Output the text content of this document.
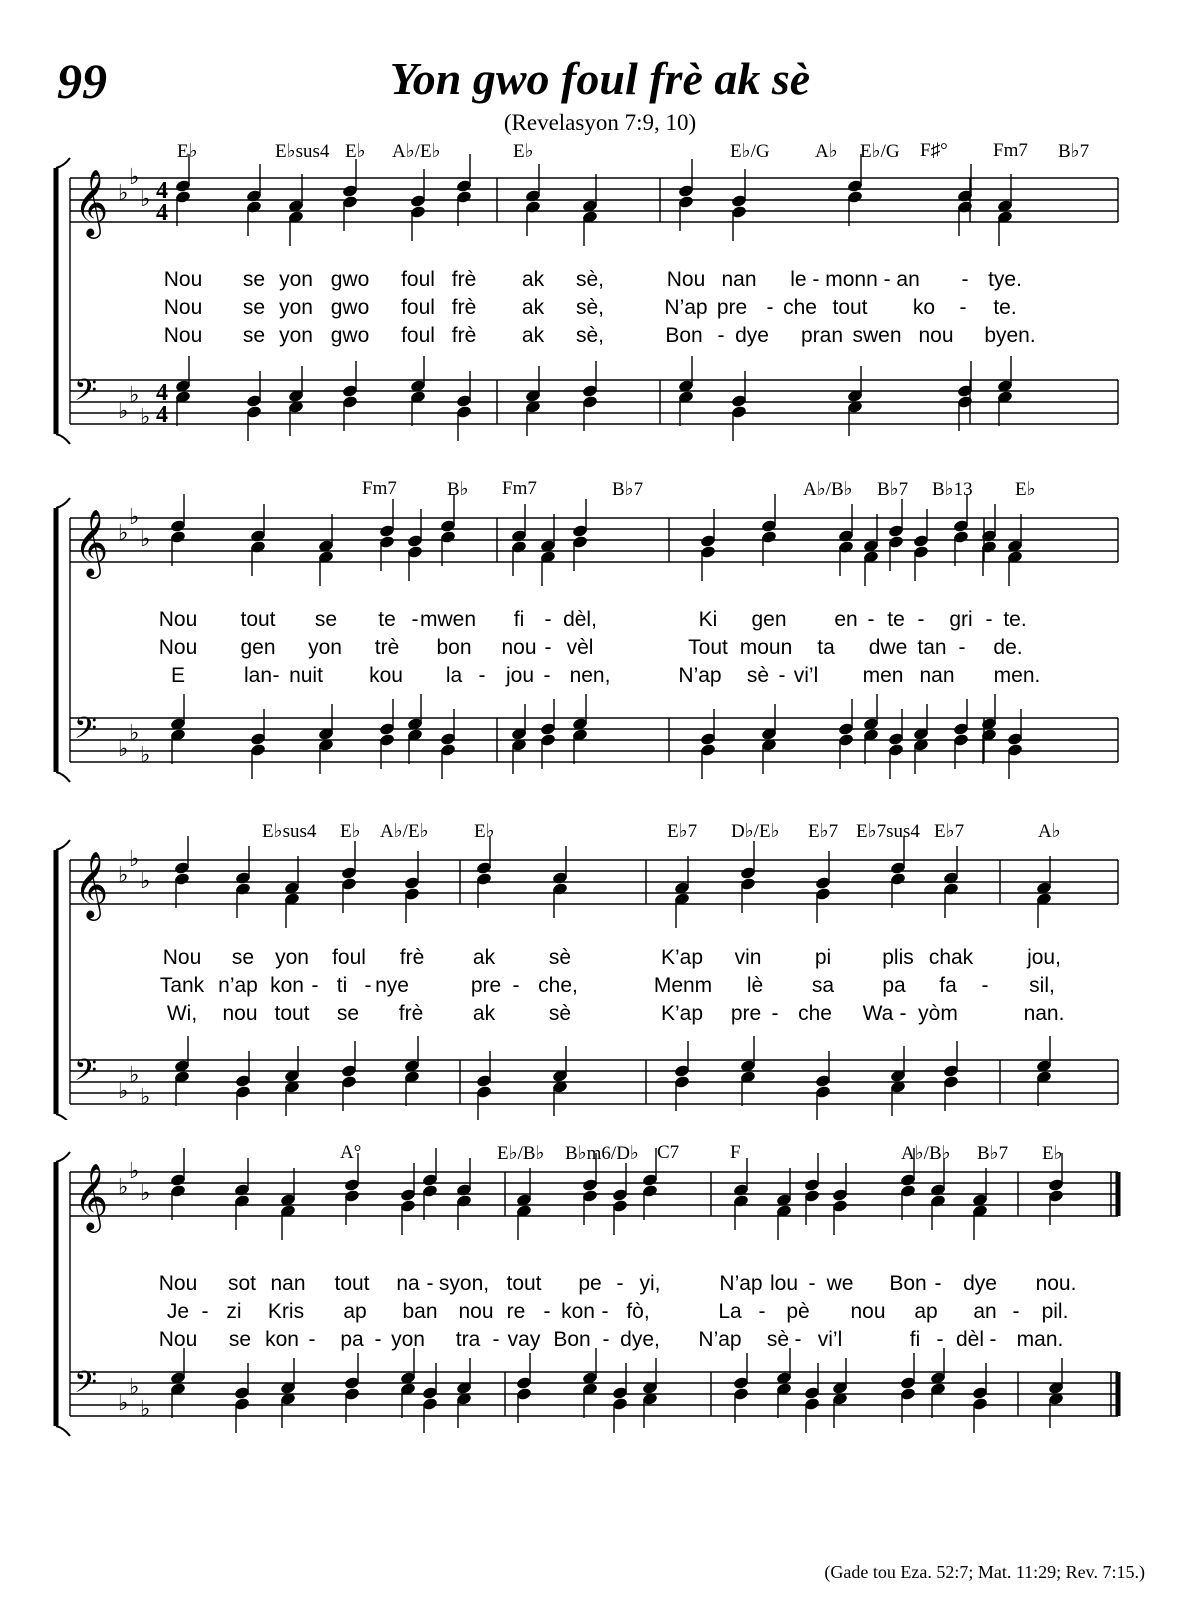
99	Yon gwo foul frè ak sè
(Revelasyon 7:9, 10)
𝄞 ♭
♭
♭ 4
4
𝄢 ♭
♭
♭
4
4
E♭	E♭sus4 E♭ A♭/E♭	E♭	E♭/G A♭ E♭/G F♯° Fm7 B♭7
Nou se yon gwo foul frè ak sè,	Nou nan le - monn - an - tye.
Nou se yon gwo foul frè ak sè,	N’ap pre - che tout ko - te.
Nou se yon gwo foul frè ak sè,	Bon - dye pran swen nou byen.
𝄞 ♭
♭
♭
𝄢 ♭
♭
♭
Fm7	B♭ Fm7	B♭7	A♭/B♭ B♭7 B♭13 E♭
Nou tout se te - mwen fi - dèl,	Ki gen en - te - gri - te.
Nou gen yon trè bon nou - vèl	Tout moun ta dwe tan - de.
E	lan - nuit kou la - jou - nen,	N’ap sè - vi’l men nan men.
𝄞 ♭
♭
♭
𝄢 ♭
♭
♭
E♭sus4 E♭ A♭/E♭ E♭	E♭7 D♭/E♭ E♭7 E♭7sus4 E♭7	A♭
Nou se yon foul frè ak	sè	K’ap vin	pi plis chak	jou,
Tank n’ap kon - ti - nye	pre - che,	Menm lè sa pa fa - sil,
Wi, nou tout se frè ak	sè	K’ap pre - che Wa - yòm	nan.
𝄞 ♭
♭
♭
𝄢 ♭
♭
♭
A°	E♭/B♭ B♭m6/D♭ C7	F	A♭/B♭ B♭7 E♭
Nou sot nan tout na - syon, tout pe - yi,	N’ap lou - we Bon - dye nou.
Je - zi Kris ap ban nou re - kon - fò,	La - pè nou ap an - pil.
Nou se kon - pa - yon tra - vay Bon - dye, N’ap sè - vi’l	fi - dèl - man.
(Gade tou Eza. 52:7; Mat. 11:29; Rev. 7:15.)
